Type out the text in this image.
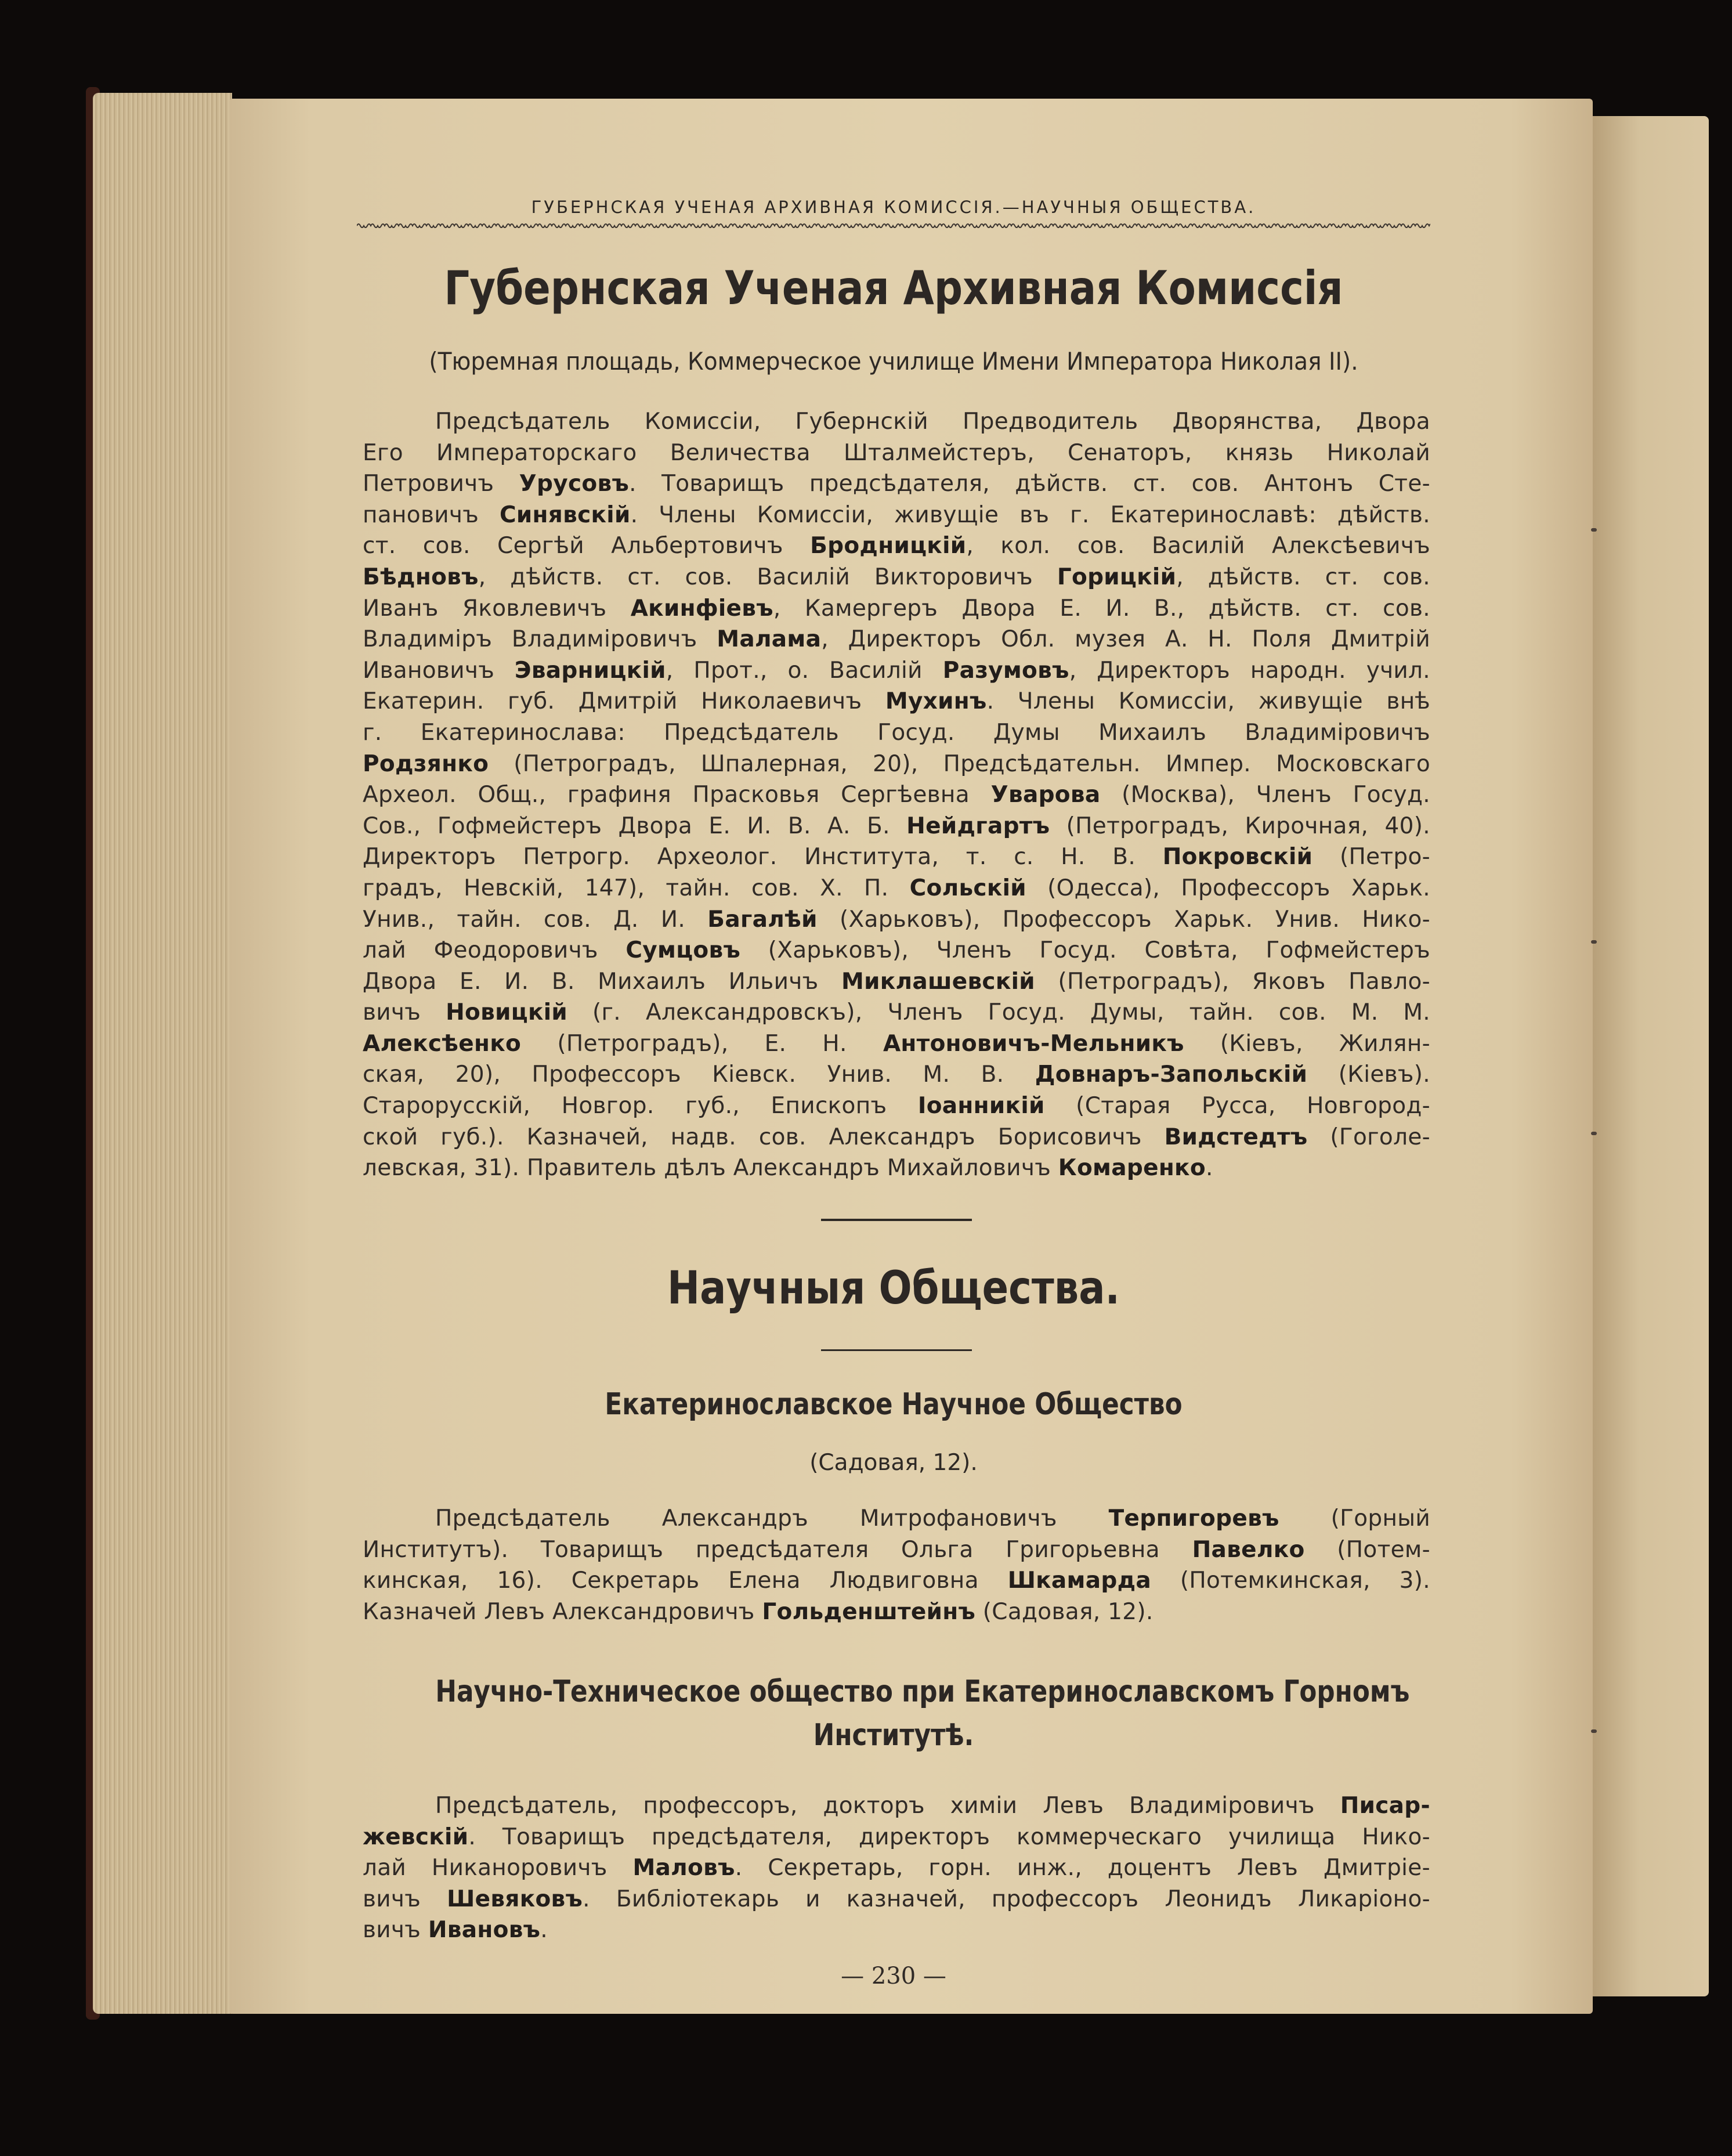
ГУБЕРНСКАЯ УЧЕНАЯ АРХИВНАЯ КОМИССІЯ.—НАУЧНЫЯ ОБЩЕСТВА.
Губернская Ученая Архивная Комиссія
(Тюремная площадь, Коммерческое училище Имени Императора Николая II).
Предсѣдатель Комиссіи, Губернскій Предводитель Дворянства, Двора
Его Императорскаго Величества Шталмейстеръ, Сенаторъ, князь Николай
Петровичъ Урусовъ. Товарищъ предсѣдателя, дѣйств. ст. сов. Антонъ Сте-
пановичъ Синявскій. Члены Комиссіи, живущіе въ г. Екатеринославѣ: дѣйств.
ст. сов. Сергѣй Альбертовичъ Бродницкій, кол. сов. Василій Алексѣевичъ
Бѣдновъ, дѣйств. ст. сов. Василій Викторовичъ Горицкій, дѣйств. ст. сов.
Иванъ Яковлевичъ Акинфіевъ, Камергеръ Двора Е. И. В., дѣйств. ст. сов.
Владиміръ Владиміровичъ Малама, Директоръ Обл. музея А. Н. Поля Дмитрій
Ивановичъ Эварницкій, Прот., о. Василій Разумовъ, Директоръ народн. учил.
Екатерин. губ. Дмитрій Николаевичъ Мухинъ. Члены Комиссіи, живущіе внѣ
г. Екатеринослава: Предсѣдатель Госуд. Думы Михаилъ Владиміровичъ
Родзянко (Петроградъ, Шпалерная, 20), Предсѣдательн. Импер. Московскаго
Археол. Общ., графиня Прасковья Сергѣевна Уварова (Москва), Членъ Госуд.
Сов., Гофмейстеръ Двора Е. И. В. А. Б. Нейдгартъ (Петроградъ, Кирочная, 40).
Директоръ Петрогр. Археолог. Института, т. с. Н. В. Покровскій (Петро-
градъ, Невскій, 147), тайн. сов. Х. П. Сольскій (Одесса), Профессоръ Харьк.
Унив., тайн. сов. Д. И. Багалѣй (Харьковъ), Профессоръ Харьк. Унив. Нико-
лай Феодоровичъ Сумцовъ (Харьковъ), Членъ Госуд. Совѣта, Гофмейстеръ
Двора Е. И. В. Михаилъ Ильичъ Миклашевскій (Петроградъ), Яковъ Павло-
вичъ Новицкій (г. Александровскъ), Членъ Госуд. Думы, тайн. сов. М. М.
Алексѣенко (Петроградъ), Е. Н. Антоновичъ-Мельникъ (Кіевъ, Жилян-
ская, 20), Профессоръ Кіевск. Унив. М. В. Довнаръ-Запольскій (Кіевъ).
Старорусскій, Новгор. губ., Епископъ Іоанникій (Старая Русса, Новгород-
ской губ.). Казначей, надв. сов. Александръ Борисовичъ Видстедтъ (Гоголе-
левская, 31). Правитель дѣлъ Александръ Михайловичъ Комаренко.
Научныя Общества.
Екатеринославское Научное Общество
(Садовая, 12).
Предсѣдатель Александръ Митрофановичъ Терпигоревъ (Горный
Институтъ). Товарищъ предсѣдателя Ольга Григорьевна Павелко (Потем-
кинская, 16). Секретарь Елена Людвиговна Шкамарда (Потемкинская, 3).
Казначей Левъ Александровичъ Гольденштейнъ (Садовая, 12).
Научно-Техническое общество при Екатеринославскомъ Горномъ
Институтѣ.
Предсѣдатель, професcоръ, докторъ химіи Левъ Владиміровичъ Писар-
жевскій. Товарищъ предсѣдателя, директоръ коммерческаго училища Нико-
лай Никаноровичъ Маловъ. Секретарь, горн. инж., доцентъ Левъ Дмитріе-
вичъ Шевяковъ. Библіотекарь и казначей, профессоръ Леонидъ Ликаріоно-
вичъ Ивановъ.
— 230 —
